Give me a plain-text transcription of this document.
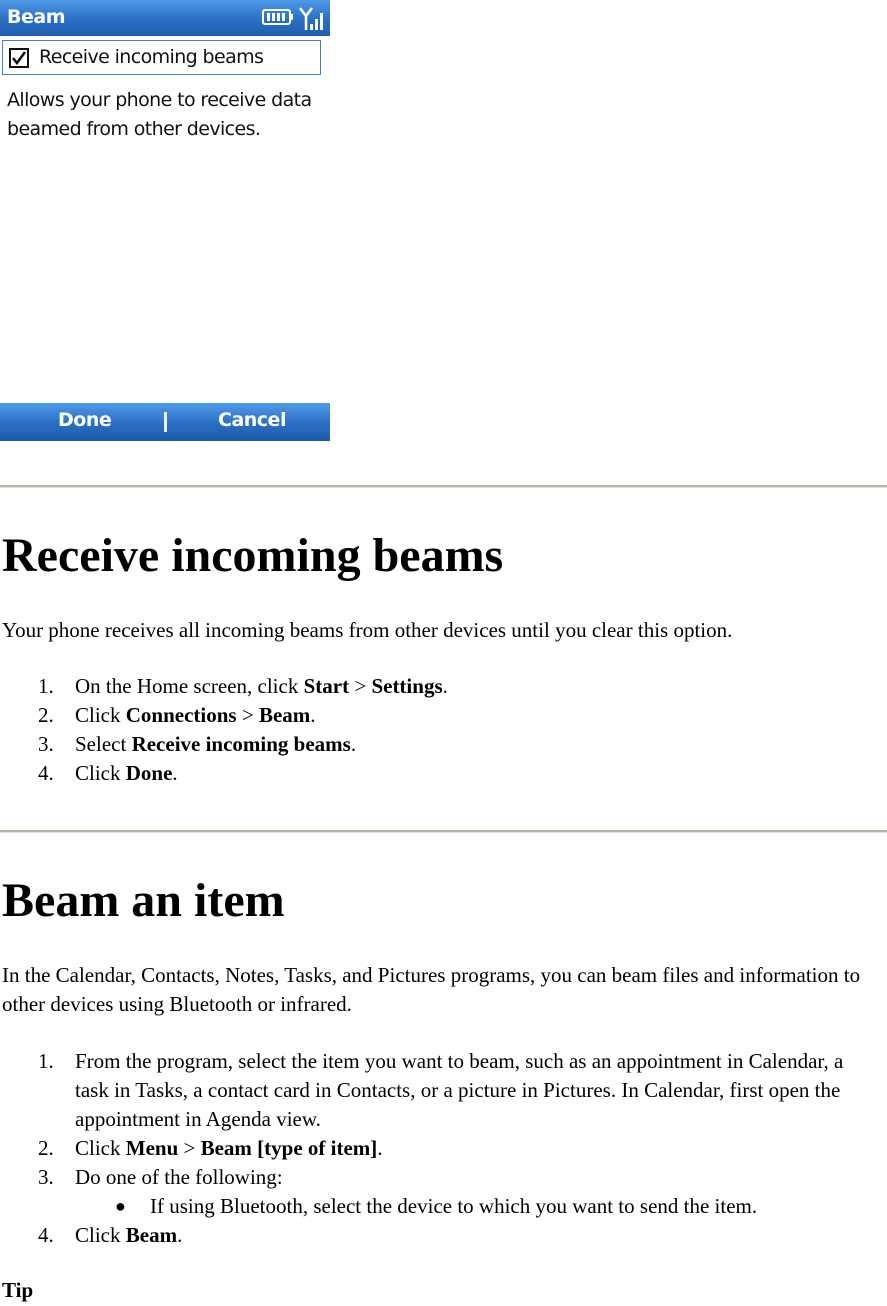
Beam
Receive incoming beams
Allows your phone to receive data beamed from other devices.
Done	Cancel
Receive incoming beams

Your phone receives all incoming beams from other devices until you clear this option.

1. On the Home screen, click Start > Settings.
2. Click Connections > Beam.
3. Select Receive incoming beams.
4. Click Done.
Beam an item

In the Calendar, Contacts, Notes, Tasks, and Pictures programs, you can beam files and information to other devices using Bluetooth or infrared.

1. From the program, select the item you want to beam, such as an appointment in Calendar, a task in Tasks, a contact card in Contacts, or a picture in Pictures. In Calendar, first open the appointment in Agenda view.
2. Click Menu > Beam [type of item].
3. Do one of the following:
● If using Bluetooth, select the device to which you want to send the item.
4. Click Beam.
Tip
